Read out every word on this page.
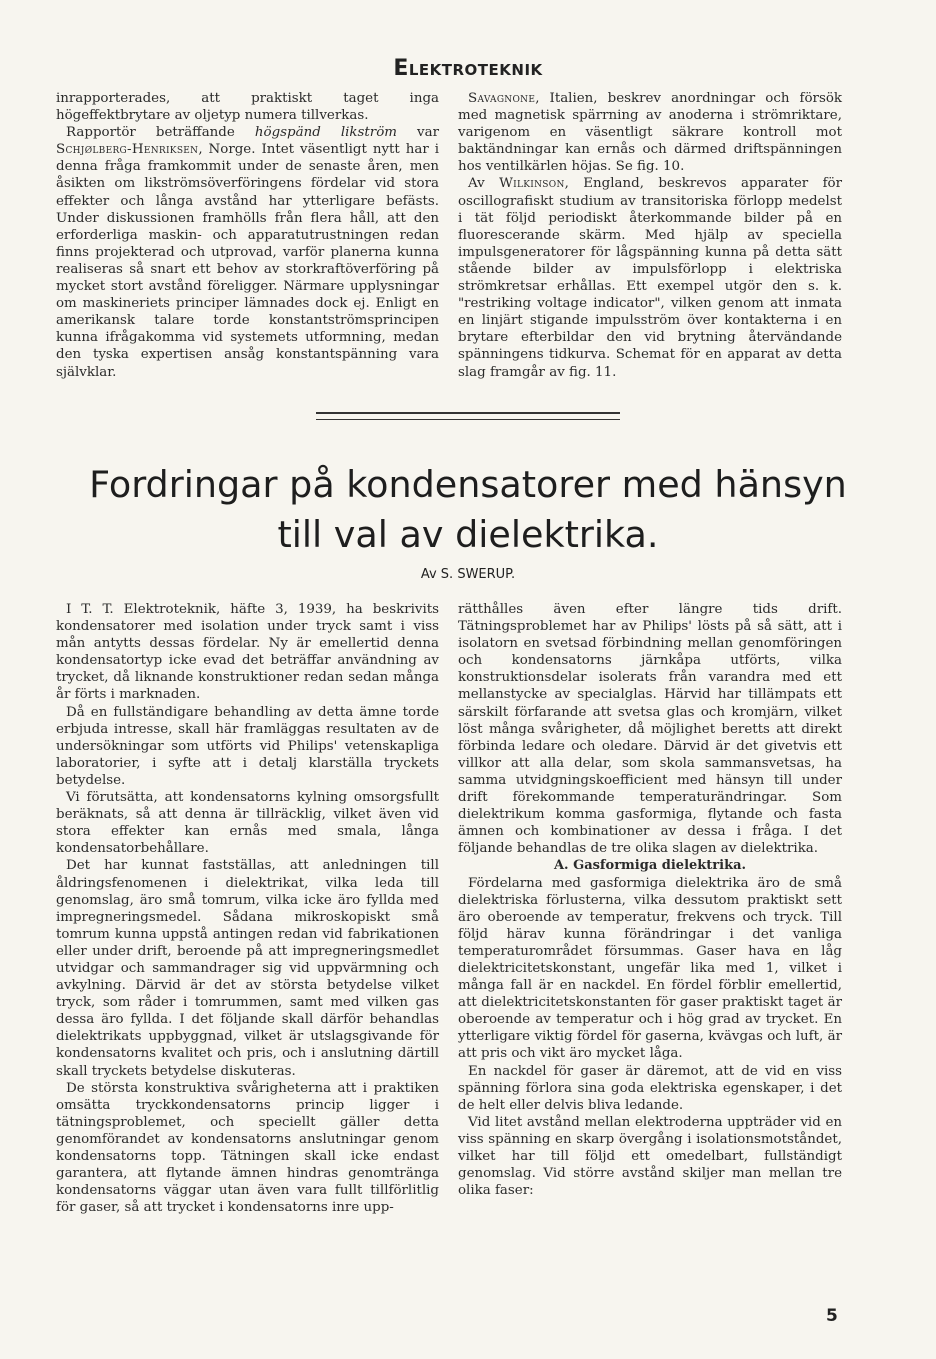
Elektroteknik

inrapporterades, att praktiskt taget inga högeffektbrytare av oljetyp numera tillverkas.

Rapportör beträffande högspänd likström var Schjølberg-Henriksen, Norge. Intet väsentligt nytt har i denna fråga framkommit under de senaste åren, men åsikten om likströmsöverföringens fördelar vid stora effekter och långa avstånd har ytterligare befästs. Under diskussionen framhölls från flera håll, att den erforderliga maskin- och apparatutrustningen redan finns projekterad och utprovad, varför planerna kunna realiseras så snart ett behov av storkraftöverföring på mycket stort avstånd föreligger. Närmare upplysningar om maskineriets principer lämnades dock ej. Enligt en amerikansk talare torde konstantströmsprincipen kunna ifrågakomma vid systemets utformning, medan den tyska expertisen ansåg konstantspänning vara självklar.

Savagnone, Italien, beskrev anordningar och försök med magnetisk spärrning av anoderna i strömriktare, varigenom en väsentligt säkrare kontroll mot baktändningar kan ernås och därmed driftspänningen hos ventilkärlen höjas. Se fig. 10.

Av Wilkinson, England, beskrevos apparater för oscillografiskt studium av transitoriska förlopp medelst i tät följd periodiskt återkommande bilder på en fluorescerande skärm. Med hjälp av speciella impulsgeneratorer för lågspänning kunna på detta sätt stående bilder av impulsförlopp i elektriska strömkretsar erhållas. Ett exempel utgör den s. k. "restriking voltage indicator", vilken genom att inmata en linjärt stigande impulsström över kontakterna i en brytare efterbildar den vid brytning återvändande spänningens tidkurva. Schemat för en apparat av detta slag framgår av fig. 11.

Fordringar på kondensatorer med hänsyn
till val av dielektrika.
Av S. SWERUP.

I T. T. Elektroteknik, häfte 3, 1939, ha beskrivits kondensatorer med isolation under tryck samt i viss mån antytts dessas fördelar. Ny är emellertid denna kondensatortyp icke evad det beträffar användning av trycket, då liknande konstruktioner redan sedan många år förts i marknaden.

Då en fullständigare behandling av detta ämne torde erbjuda intresse, skall här framläggas resultaten av de undersökningar som utförts vid Philips' vetenskapliga laboratorier, i syfte att i detalj klarställa tryckets betydelse.

Vi förutsätta, att kondensatorns kylning omsorgsfullt beräknats, så att denna är tillräcklig, vilket även vid stora effekter kan ernås med smala, långa kondensatorbehållare.

Det har kunnat fastställas, att anledningen till åldringsfenomenen i dielektrikat, vilka leda till genomslag, äro små tomrum, vilka icke äro fyllda med impregneringsmedel. Sådana mikroskopiskt små tomrum kunna uppstå antingen redan vid fabrikationen eller under drift, beroende på att impregneringsmedlet utvidgar och sammandrager sig vid uppvärmning och avkylning. Därvid är det av största betydelse vilket tryck, som råder i tomrummen, samt med vilken gas dessa äro fyllda. I det följande skall därför behandlas dielektrikats uppbyggnad, vilket är utslagsgivande för kondensatorns kvalitet och pris, och i anslutning därtill skall tryckets betydelse diskuteras.

De största konstruktiva svårigheterna att i praktiken omsätta tryckkondensatorns princip ligger i tätningsproblemet, och speciellt gäller detta genomförandet av kondensatorns anslutningar genom kondensatorns topp. Tätningen skall icke endast garantera, att flytande ämnen hindras genomtränga kondensatorns väggar utan även vara fullt tillförlitlig för gaser, så att trycket i kondensatorns inre upp-

rätthålles även efter längre tids drift. Tätningsproblemet har av Philips' lösts på så sätt, att i isolatorn en svetsad förbindning mellan genomföringen och kondensatorns järnkåpa utförts, vilka konstruktionsdelar isolerats från varandra med ett mellanstycke av specialglas. Härvid har tillämpats ett särskilt förfarande att svetsa glas och kromjärn, vilket löst många svårigheter, då möjlighet beretts att direkt förbinda ledare och oledare. Därvid är det givetvis ett villkor att alla delar, som skola sammansvetsas, ha samma utvidgningskoefficient med hänsyn till under drift förekommande temperaturändringar. Som dielektrikum komma gasformiga, flytande och fasta ämnen och kombinationer av dessa i fråga. I det följande behandlas de tre olika slagen av dielektrika.

A. Gasformiga dielektrika.

Fördelarna med gasformiga dielektrika äro de små dielektriska förlusterna, vilka dessutom praktiskt sett äro oberoende av temperatur, frekvens och tryck. Till följd härav kunna förändringar i det vanliga temperaturområdet försummas. Gaser hava en låg dielektricitetskonstant, ungefär lika med 1, vilket i många fall är en nackdel. En fördel förblir emellertid, att dielektricitetskonstanten för gaser praktiskt taget är oberoende av temperatur och i hög grad av trycket. En ytterligare viktig fördel för gaserna, kvävgas och luft, är att pris och vikt äro mycket låga.

En nackdel för gaser är däremot, att de vid en viss spänning förlora sina goda elektriska egenskaper, i det de helt eller delvis bliva ledande.

Vid litet avstånd mellan elektroderna uppträder vid en viss spänning en skarp övergång i isolationsmotståndet, vilket har till följd ett omedelbart, fullständigt genomslag. Vid större avstånd skiljer man mellan tre olika faser:

5
